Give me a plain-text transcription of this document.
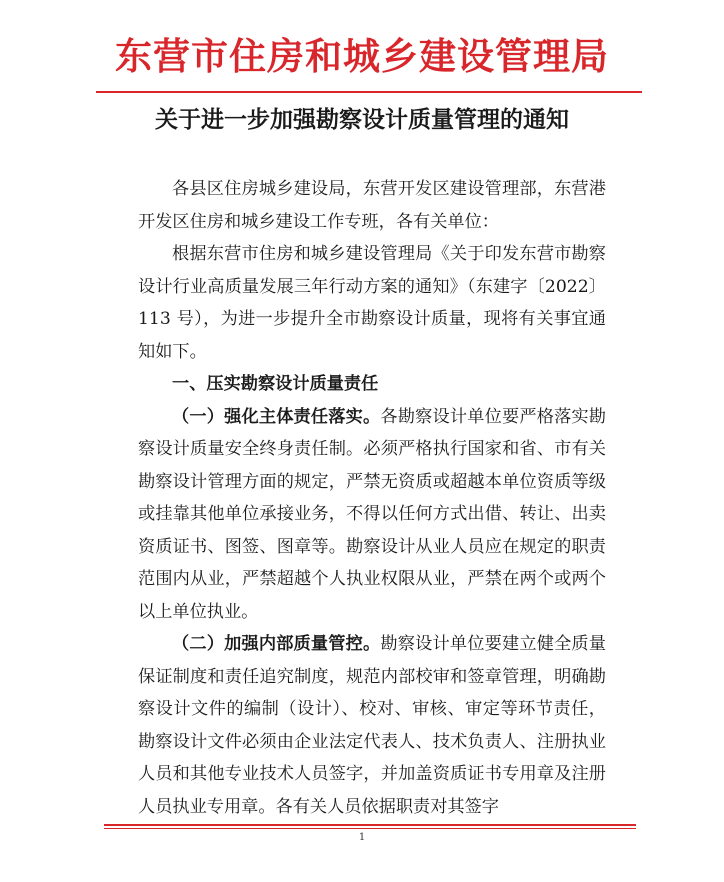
东营市住房和城乡建设管理局
关于进一步加强勘察设计质量管理的通知

各县区住房城乡建设局，东营开发区建设管理部，东营港开发区住房和城乡建设工作专班，各有关单位：

根据东营市住房和城乡建设管理局《关于印发东营市勘察设计行业高质量发展三年行动方案的通知》（东建字〔2022〕113 号），为进一步提升全市勘察设计质量，现将有关事宜通知如下。

一、压实勘察设计质量责任

（一）强化主体责任落实。各勘察设计单位要严格落实勘察设计质量安全终身责任制。必须严格执行国家和省、市有关勘察设计管理方面的规定，严禁无资质或超越本单位资质等级或挂靠其他单位承接业务，不得以任何方式出借、转让、出卖资质证书、图签、图章等。勘察设计从业人员应在规定的职责范围内从业，严禁超越个人执业权限从业，严禁在两个或两个以上单位执业。

（二）加强内部质量管控。勘察设计单位要建立健全质量保证制度和责任追究制度，规范内部校审和签章管理，明确勘察设计文件的编制（设计）、校对、审核、审定等环节责任，勘察设计文件必须由企业法定代表人、技术负责人、注册执业人员和其他专业技术人员签字，并加盖资质证书专用章及注册人员执业专用章。各有关人员依据职责对其签字

1
